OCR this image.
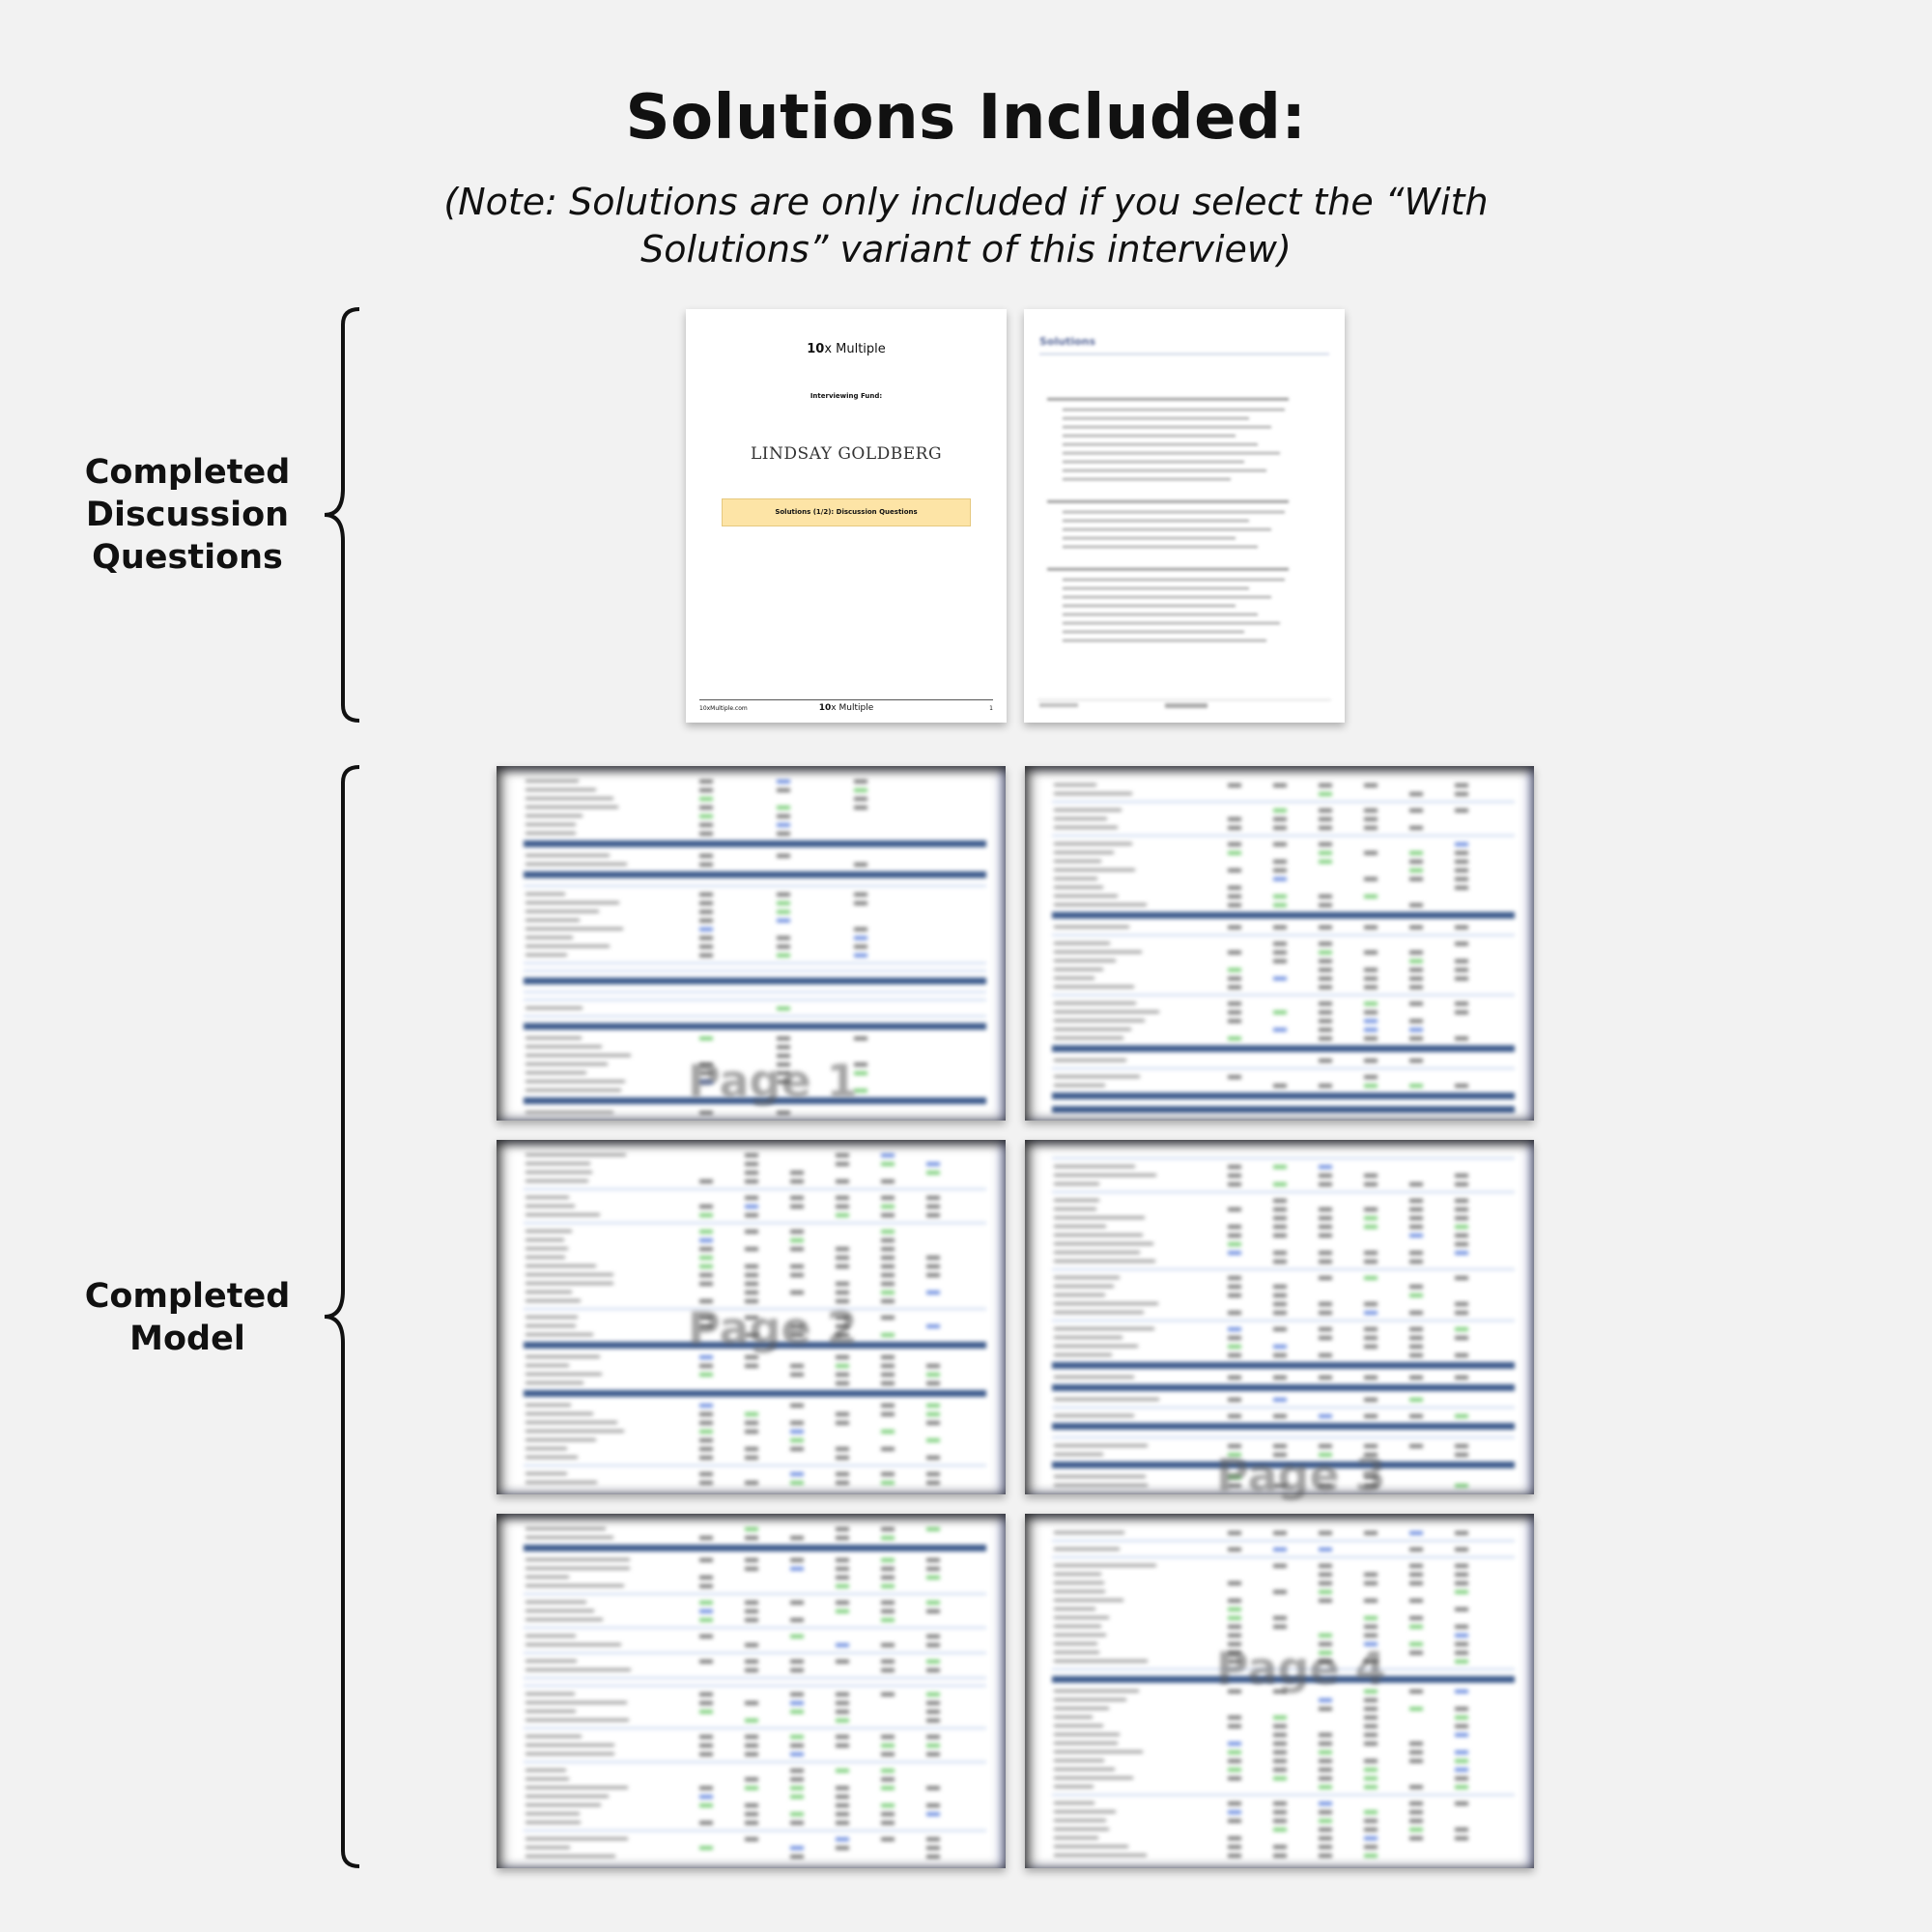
Solutions Included:
(Note: Solutions are only included if you select the “With Solutions” variant of this interview)
Completed
Discussion
Questions
Completed
Model
10x Multiple
Interviewing Fund:
LINDSAY GOLDBERG
Solutions (1/2): Discussion Questions
10xMultiple.com	10x Multiple	1
Solutions
Page 1
Page 2
Page 3
Page 4
